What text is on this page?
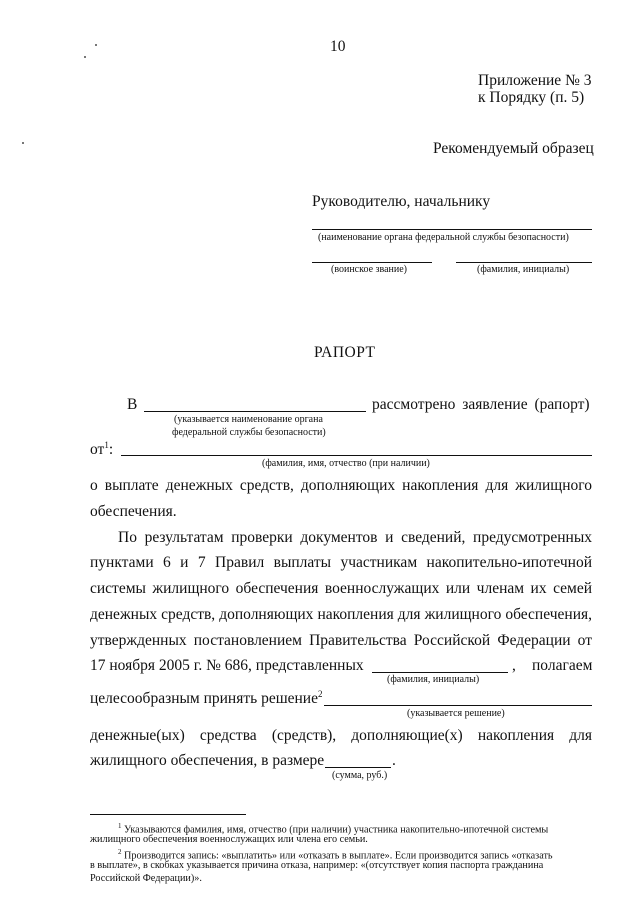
10
Приложение № 3
к Порядку (п. 5)
Рекомендуемый образец
Руководителю, начальнику
(наименование органа федеральной службы безопасности)
(воинское звание)	(фамилия, инициалы)
РАПОРТ
В	рассмотрено заявление (рапорт)
(указывается наименование органа
федеральной службы безопасности)
$от^1$:
(фамилия, имя, отчество (при наличии)
о выплате денежных средств, дополняющих накопления для жилищного
обеспечения.
По результатам проверки документов и сведений, предусмотренных
пунктами 6 и 7 Правил выплаты участникам накопительно-ипотечной
системы жилищного обеспечения военнослужащих или членам их семей
денежных средств, дополняющих накопления для жилищного обеспечения,
утвержденных постановлением Правительства Российской Федерации от
17 ноября 2005 г. № 686, представленных	, полагаем
(фамилия, инициалы)
целесообразным принять решение$^2$
(указывается решение)
денежные(ых) средства (средств), дополняющие(х) накопления для
жилищного обеспечения, в размере	.
(сумма, руб.)
$^1$ Указываются фамилия, имя, отчество (при наличии) участника накопительно-ипотечной системы
жилищного обеспечения военнослужащих или члена его семьи.
$^2$ Производится запись: «выплатить» или «отказать в выплате». Если производится запись «отказать
в выплате», в скобках указывается причина отказа, например: «(отсутствует копия паспорта гражданина
Российской Федерации)».
